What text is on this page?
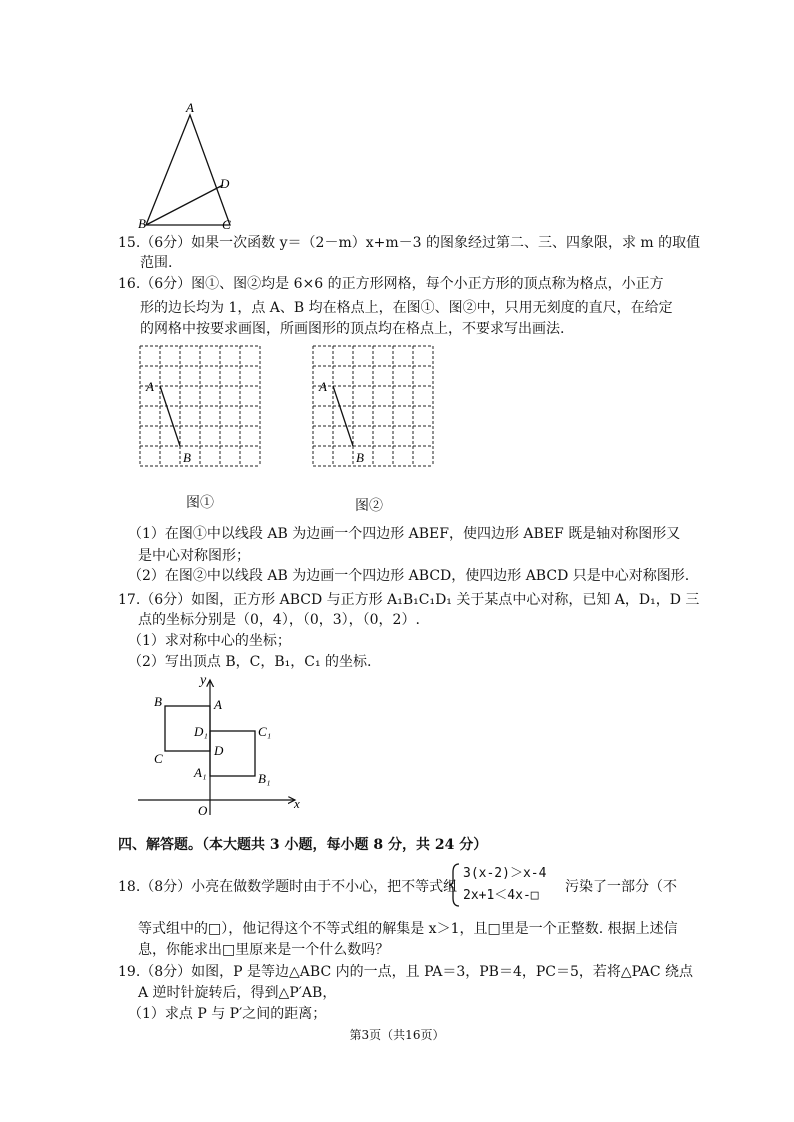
A
D
B	C
15.（6分）如果一次函数 y＝（2－m）x+m－3 的图象经过第二、三、四象限，求 m 的取值
范围.
16.（6分）图①、图②均是 6×6 的正方形网格，每个小正方形的顶点称为格点，小正方
形的边长均为 1，点 A、B 均在格点上，在图①、图②中，只用无刻度的直尺，在给定
的网格中按要求画图，所画图形的顶点均在格点上，不要求写出画法.
A
B
图①
A
B
图②
（1）在图①中以线段 AB 为边画一个四边形 ABEF，使四边形 ABEF 既是轴对称图形又
是中心对称图形；
（2）在图②中以线段 AB 为边画一个四边形 ABCD，使四边形 ABCD 只是中心对称图形.
17.（6分）如图，正方形 ABCD 与正方形 A₁B₁C₁D₁ 关于某点中心对称，已知 A，D₁，D 三
点的坐标分别是（0，4），（0，3），（0，2）.
（1）求对称中心的坐标；
（2）写出顶点 B，C，B₁，C₁ 的坐标.
y
A
B
D₁	C₁
D
C
A₁	B₁
O	x
四、解答题。（本大题共 3 小题，每小题 8 分，共 24 分）
18.（8分）小亮在做数学题时由于不小心，把不等式组
3(x-2)＞x-4
2x+1＜4x-□
污染了一部分（不
等式组中的□），他记得这个不等式组的解集是 x＞1，且□里是一个正整数. 根据上述信
息，你能求出□里原来是一个什么数吗？
19.（8分）如图，P 是等边△ABC 内的一点，且 PA＝3，PB＝4，PC＝5，若将△PAC 绕点
A 逆时针旋转后，得到△P′AB，
（1）求点 P 与 P′之间的距离；
第3页（共16页）
